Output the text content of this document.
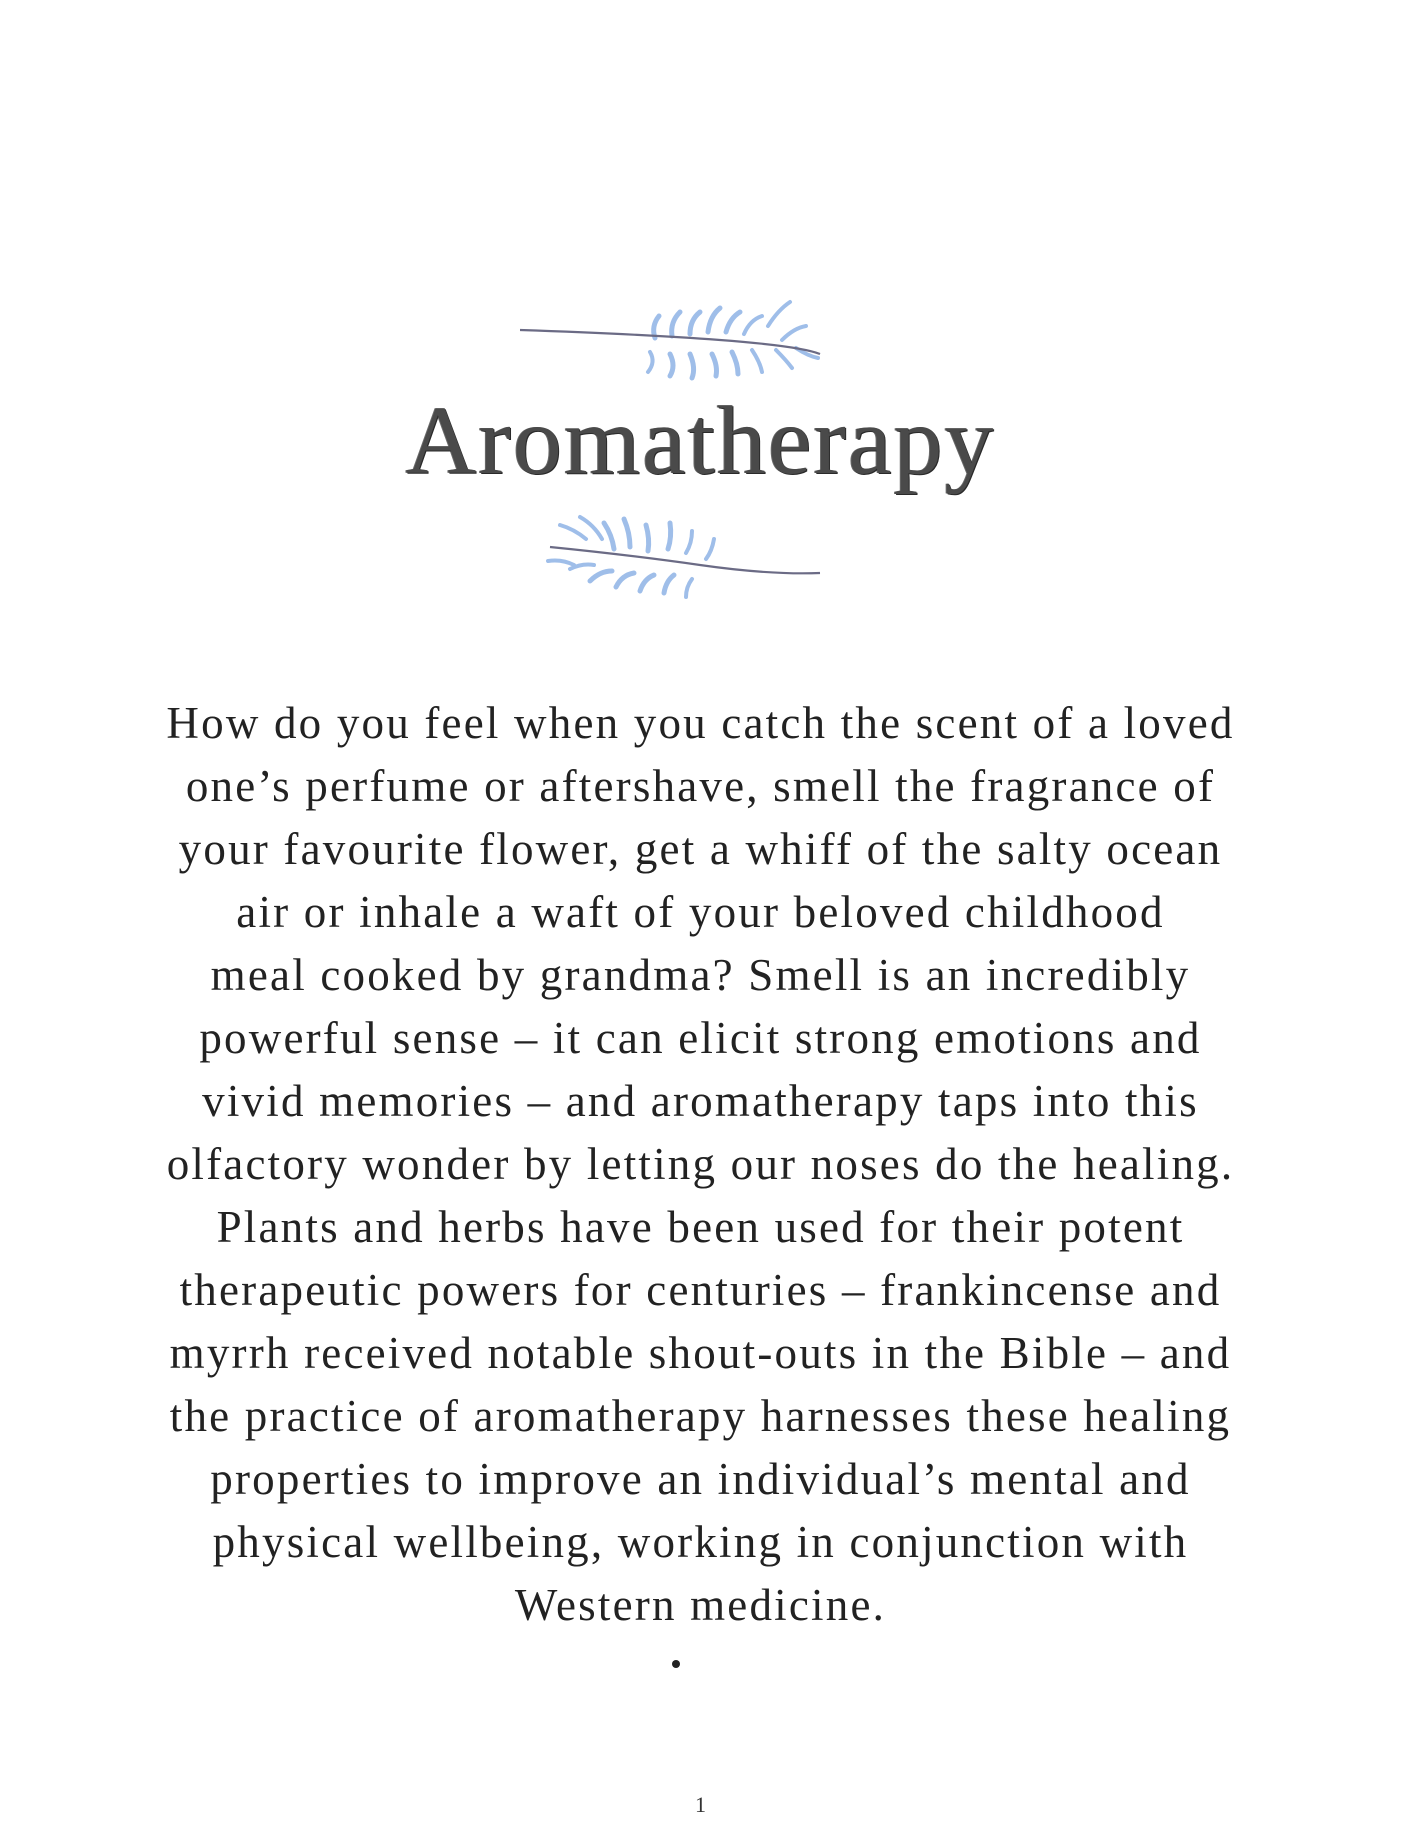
Aromatherapy

How do you feel when you catch the scent of a loved
one’s perfume or aftershave, smell the fragrance of
your favourite flower, get a whiff of the salty ocean
air or inhale a waft of your beloved childhood
meal cooked by grandma? Smell is an incredibly
powerful sense – it can elicit strong emotions and
vivid memories – and aromatherapy taps into this
olfactory wonder by letting our noses do the healing.
Plants and herbs have been used for their potent
therapeutic powers for centuries – frankincense and
myrrh received notable shout-outs in the Bible – and
the practice of aromatherapy harnesses these healing
properties to improve an individual’s mental and
physical wellbeing, working in conjunction with
Western medicine.

1
